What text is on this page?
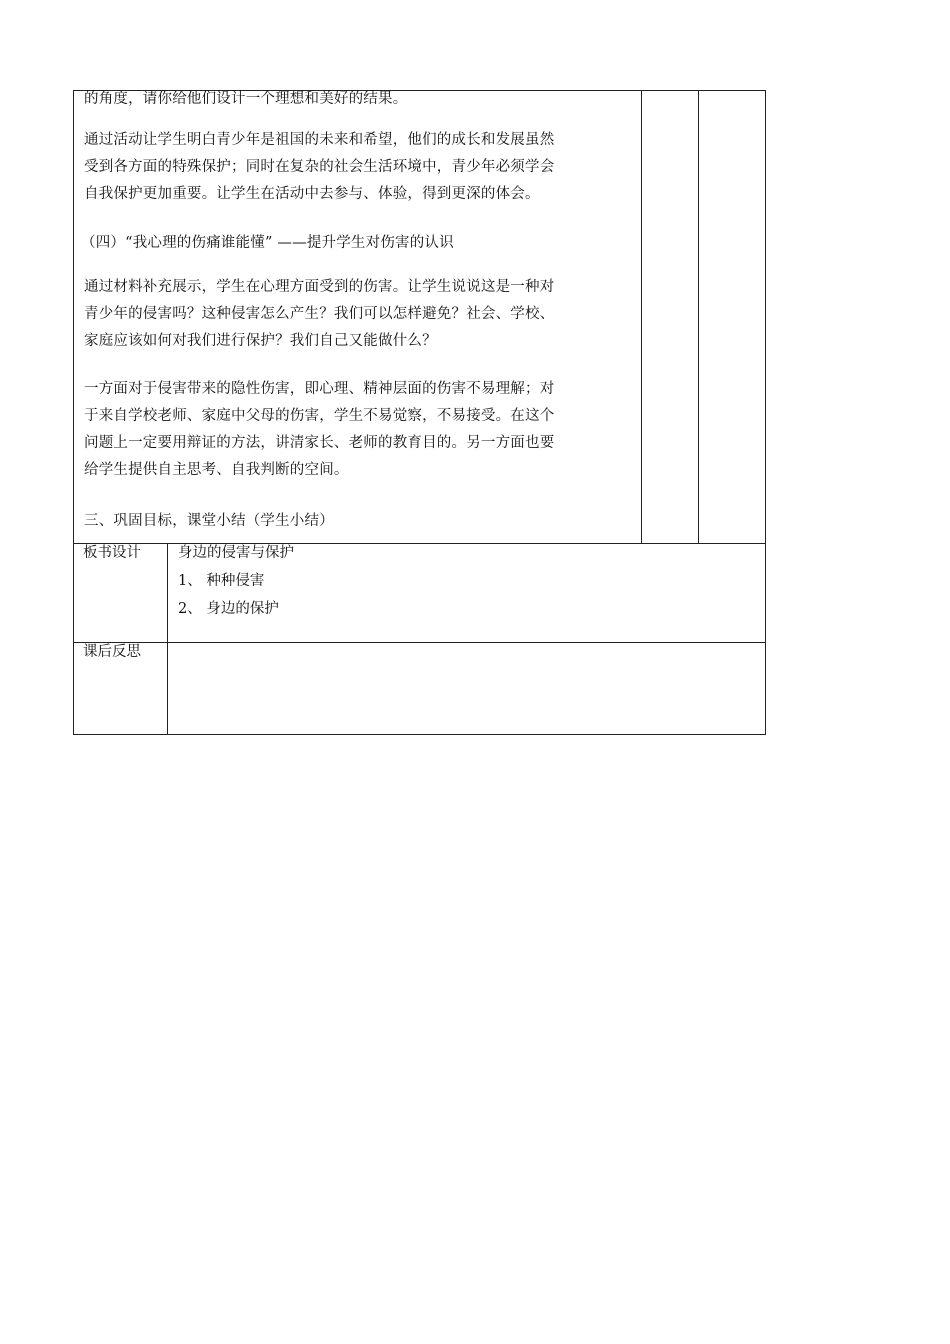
的角度，请你给他们设计一个理想和美好的结果。
通过活动让学生明白青少年是祖国的未来和希望，他们的成长和发展虽然
受到各方面的特殊保护；同时在复杂的社会生活环境中，青少年必须学会
自我保护更加重要。让学生在活动中去参与、体验，得到更深的体会。
（四）“我心理的伤痛谁能懂” ——提升学生对伤害的认识
通过材料补充展示，学生在心理方面受到的伤害。让学生说说这是一种对
青少年的侵害吗？这种侵害怎么产生？我们可以怎样避免？社会、学校、
家庭应该如何对我们进行保护？我们自己又能做什么？
一方面对于侵害带来的隐性伤害，即心理、精神层面的伤害不易理解；对
于来自学校老师、家庭中父母的伤害，学生不易觉察，不易接受。在这个
问题上一定要用辩证的方法，讲清家长、老师的教育目的。另一方面也要
给学生提供自主思考、自我判断的空间。
三、巩固目标，课堂小结（学生小结）
板书设计	身边的侵害与保护
1、 种种侵害
2、 身边的保护
课后反思
